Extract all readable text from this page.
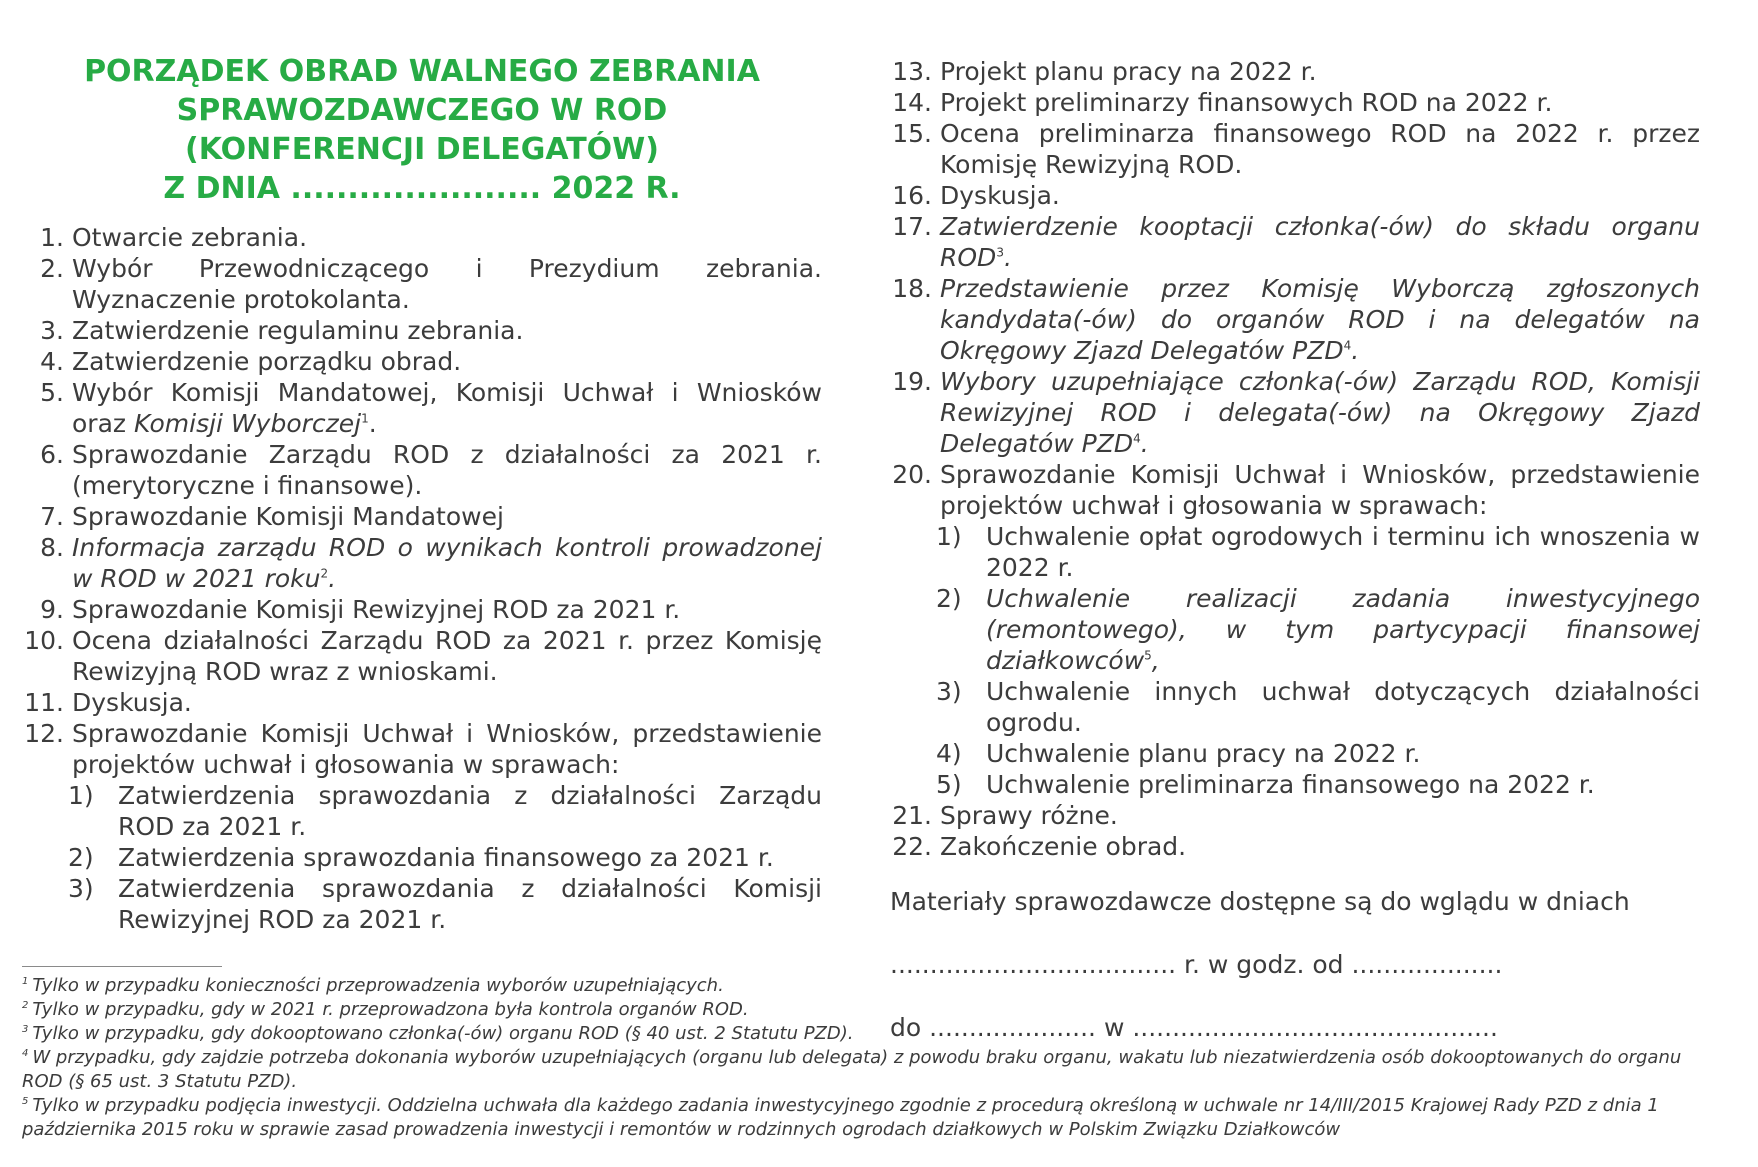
PORZĄDEK OBRAD WALNEGO ZEBRANIA
SPRAWOZDAWCZEGO W ROD
(KONFERENCJI DELEGATÓW)
Z DNIA ...................... 2022 R.
1. Otwarcie zebrania.
2. Wybór Przewodniczącego i Prezydium zebrania. Wyznaczenie protokolanta.
3. Zatwierdzenie regulaminu zebrania.
4. Zatwierdzenie porządku obrad.
5. Wybór Komisji Mandatowej, Komisji Uchwał i Wniosków oraz Komisji Wyborczej$^1$.
6. Sprawozdanie Zarządu ROD z działalności za 2021 r. (merytoryczne i finansowe).
7. Sprawozdanie Komisji Mandatowej
8. Informacja zarządu ROD o wynikach kontroli prowadzonej w ROD w 2021 roku$^2$.
9. Sprawozdanie Komisji Rewizyjnej ROD za 2021 r.
10. Ocena działalności Zarządu ROD za 2021 r. przez Komisję Rewizyjną ROD wraz z wnioskami.
11. Dyskusja.
12. Sprawozdanie Komisji Uchwał i Wniosków, przedstawienie projektów uchwał i głosowania w sprawach:
1) Zatwierdzenia sprawozdania z działalności Zarządu ROD za 2021 r.
2) Zatwierdzenia sprawozdania finansowego za 2021 r.
3) Zatwierdzenia sprawozdania z działalności Komisji Rewizyjnej ROD za 2021 r.
13. Projekt planu pracy na 2022 r.
14. Projekt preliminarzy finansowych ROD na 2022 r.
15. Ocena preliminarza finansowego ROD na 2022 r. przez Komisję Rewizyjną ROD.
16. Dyskusja.
17. Zatwierdzenie kooptacji członka(-ów) do składu organu ROD$^3$.
18. Przedstawienie przez Komisję Wyborczą zgłoszonych kandydata(-ów) do organów ROD i na delegatów na Okręgowy Zjazd Delegatów PZD$^4$.
19. Wybory uzupełniające członka(-ów) Zarządu ROD, Komisji Rewizyjnej ROD i delegata(-ów) na Okręgowy Zjazd Delegatów PZD$^4$.
20. Sprawozdanie Komisji Uchwał i Wniosków, przedstawienie projektów uchwał i głosowania w sprawach:
1) Uchwalenie opłat ogrodowych i terminu ich wnoszenia w 2022 r.
2) Uchwalenie realizacji zadania inwestycyjnego (remontowego), w tym partycypacji finansowej działkowców$^5$,
3) Uchwalenie innych uchwał dotyczących działalności ogrodu.
4) Uchwalenie planu pracy na 2022 r.
5) Uchwalenie preliminarza finansowego na 2022 r.
21. Sprawy różne.
22. Zakończenie obrad.
Materiały sprawozdawcze dostępne są do wglądu w dniach
.................................... r. w godz. od ...................
do ..................... w ..............................................
$^1$ Tylko w przypadku konieczności przeprowadzenia wyborów uzupełniających.
$^2$ Tylko w przypadku, gdy w 2021 r. przeprowadzona była kontrola organów ROD.
$^3$ Tylko w przypadku, gdy dokooptowano członka(-ów) organu ROD (§ 40 ust. 2 Statutu PZD).
$^4$ W przypadku, gdy zajdzie potrzeba dokonania wyborów uzupełniających (organu lub delegata) z powodu braku organu, wakatu lub niezatwierdzenia osób dokooptowanych do organu ROD (§ 65 ust. 3 Statutu PZD).
$^5$ Tylko w przypadku podjęcia inwestycji. Oddzielna uchwała dla każdego zadania inwestycyjnego zgodnie z procedurą określoną w uchwale nr 14/III/2015 Krajowej Rady PZD z dnia 1 października 2015 roku w sprawie zasad prowadzenia inwestycji i remontów w rodzinnych ogrodach działkowych w Polskim Związku Działkowców
